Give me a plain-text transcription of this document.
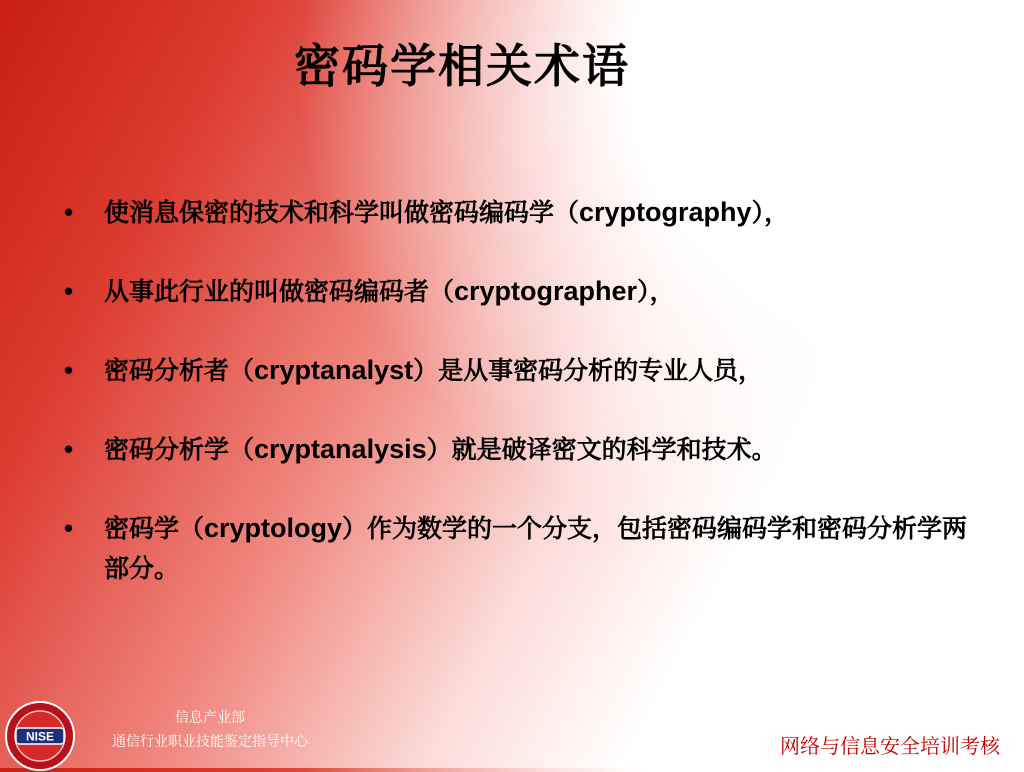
密码学相关术语
• 使消息保密的技术和科学叫做密码编码学（cryptography），
• 从事此行业的叫做密码编码者（cryptographer），
• 密码分析者（cryptanalyst）是从事密码分析的专业人员，
• 密码分析学（cryptanalysis）就是破译密文的科学和技术。
• 密码学（cryptology）作为数学的一个分支，包括密码编码学和密码分析学两部分。
NISE
信息产业部
通信行业职业技能鉴定指导中心	网络与信息安全培训考核
